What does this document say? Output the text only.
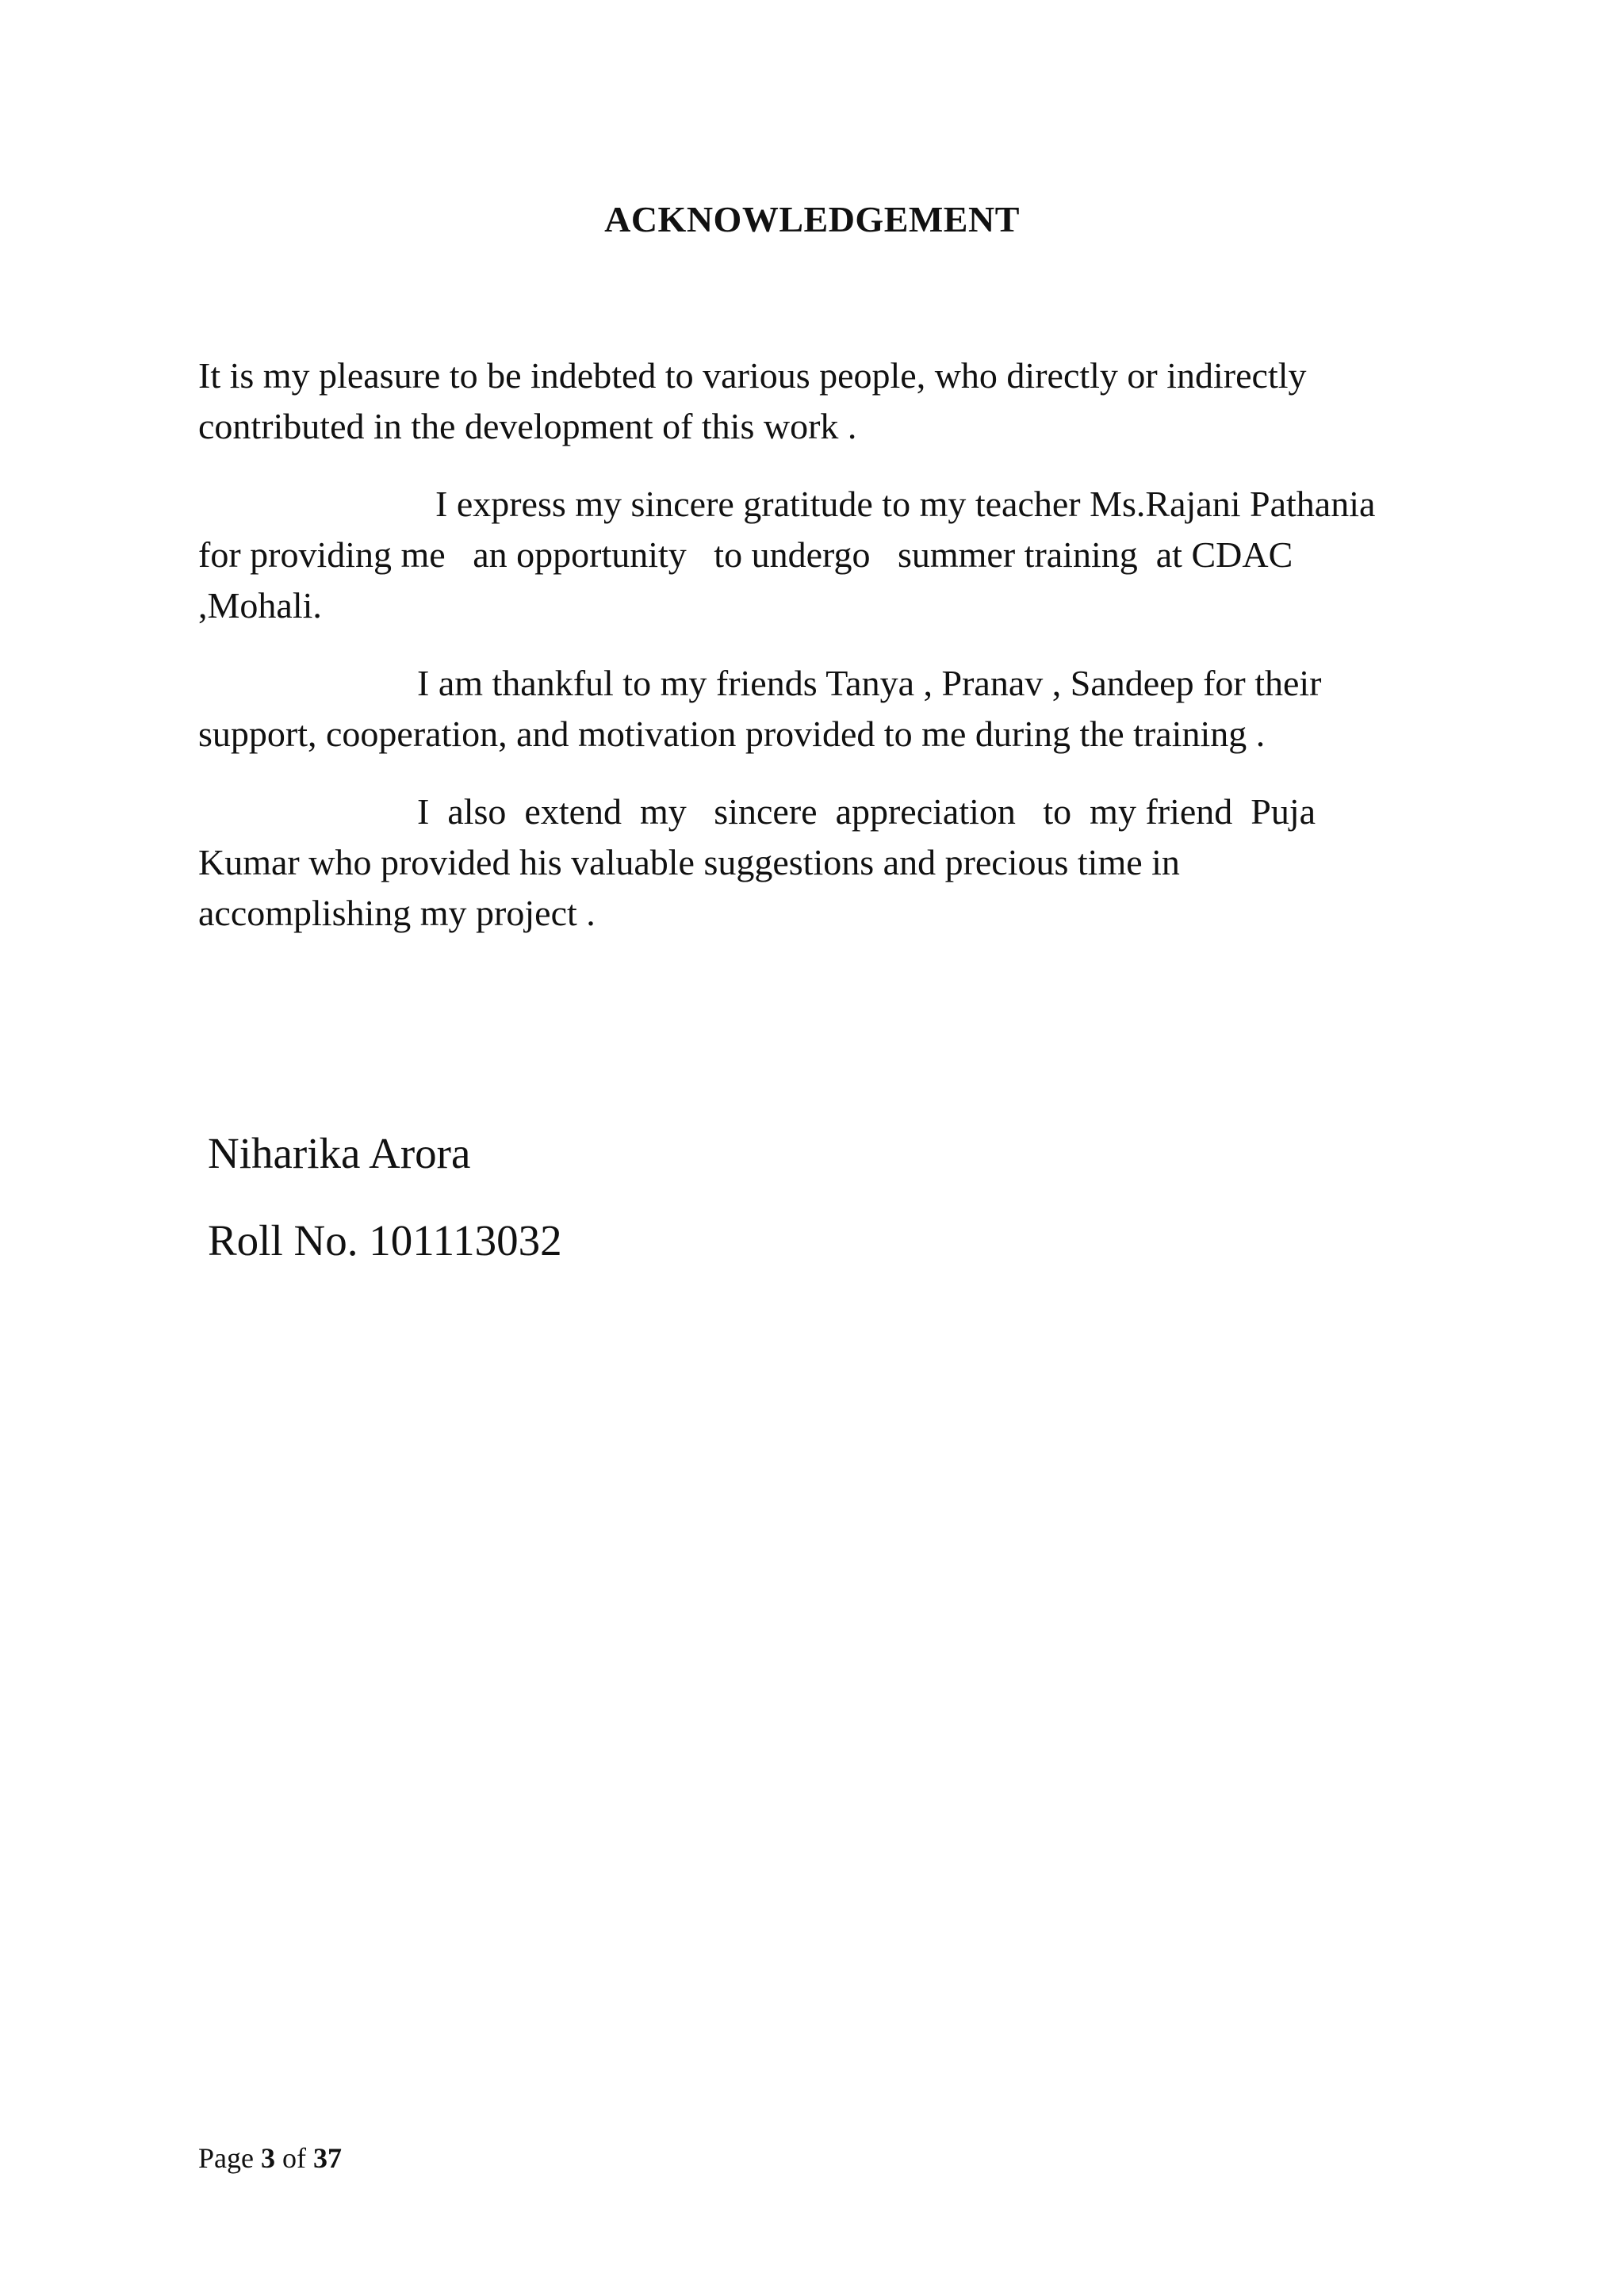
ACKNOWLEDGEMENT

It is my pleasure to be indebted to various people, who directly or indirectly
contributed in the development of this work .

I express my sincere gratitude to my teacher Ms.Rajani Pathania
for providing me   an opportunity   to undergo   summer training  at CDAC
,Mohali.

I am thankful to my friends Tanya , Pranav , Sandeep for their
support, cooperation, and motivation provided to me during the training .

I  also  extend  my   sincere  appreciation   to  my friend  Puja
Kumar who provided his valuable suggestions and precious time in
accomplishing my project .

Niharika Arora

Roll No. 101113032

Page 3 of 37
